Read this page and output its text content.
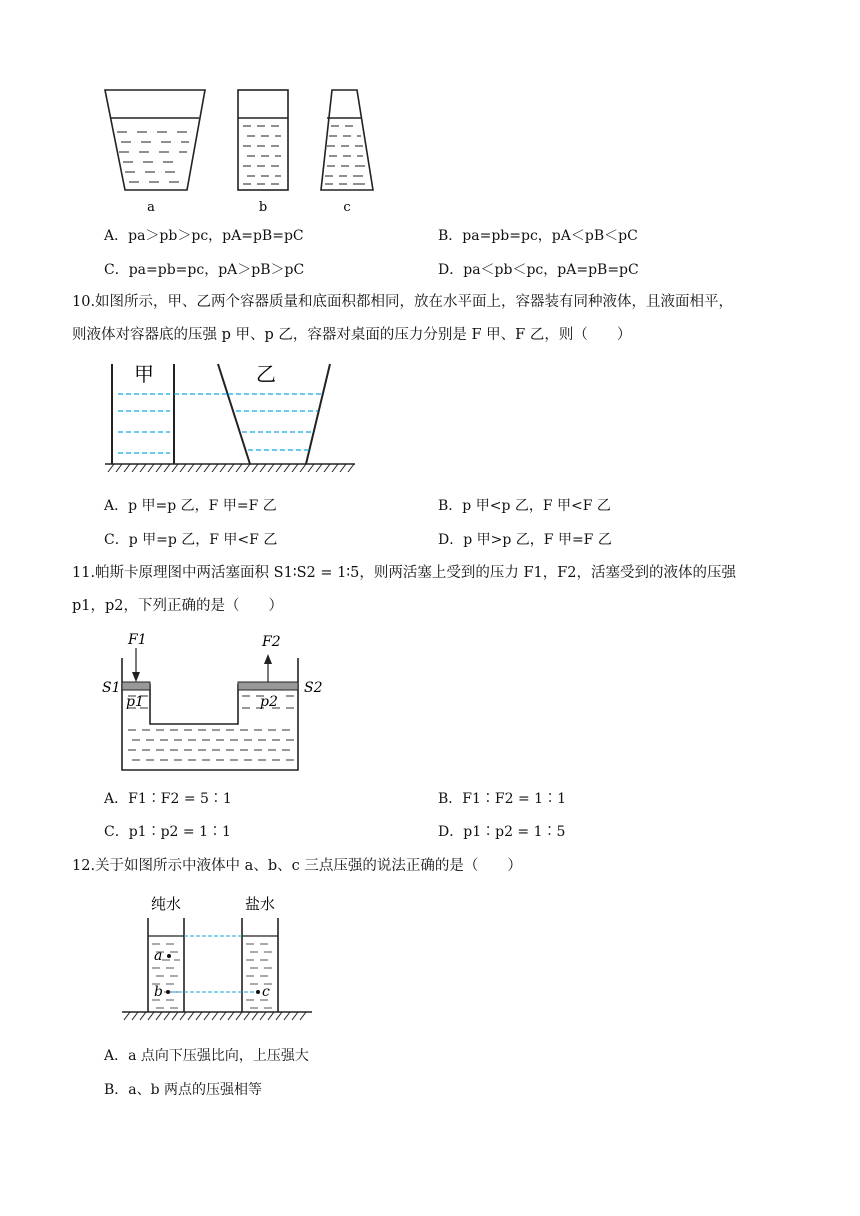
a	b	c
A．pa＞pb＞pc，pA=pB=pC	B．pa=pb=pc，pA＜pB＜pC
C．pa=pb=pc，pA＞pB＞pC	D．pa＜pb＜pc，pA=pB=pC
10.如图所示，甲、乙两个容器质量和底面积都相同，放在水平面上，容器装有同种液体，且液面相平，
则液体对容器底的压强 p 甲、p 乙，容器对桌面的压力分别是 F 甲、F 乙，则（　　）
甲	乙
A．p 甲=p 乙，F 甲=F 乙	B．p 甲<p 乙，F 甲<F 乙
C．p 甲=p 乙，F 甲<F 乙	D．p 甲>p 乙，F 甲=F 乙
11.帕斯卡原理图中两活塞面积 S1∶S2 = 1∶5，则两活塞上受到的压力 F1，F2，活塞受到的液体的压强
p1，p2，下列正确的是（　　）
F1	F2
S1	S2
p1	p2
A．F1∶F2 = 5∶1	B．F1∶F2 = 1∶1
C．p1∶p2 = 1∶1	D．p1∶p2 = 1∶5
12.关于如图所示中液体中 a、b、c 三点压强的说法正确的是（　　）
纯水	盐水
a
b	c
A．a 点向下压强比向，上压强大
B．a、b 两点的压强相等
